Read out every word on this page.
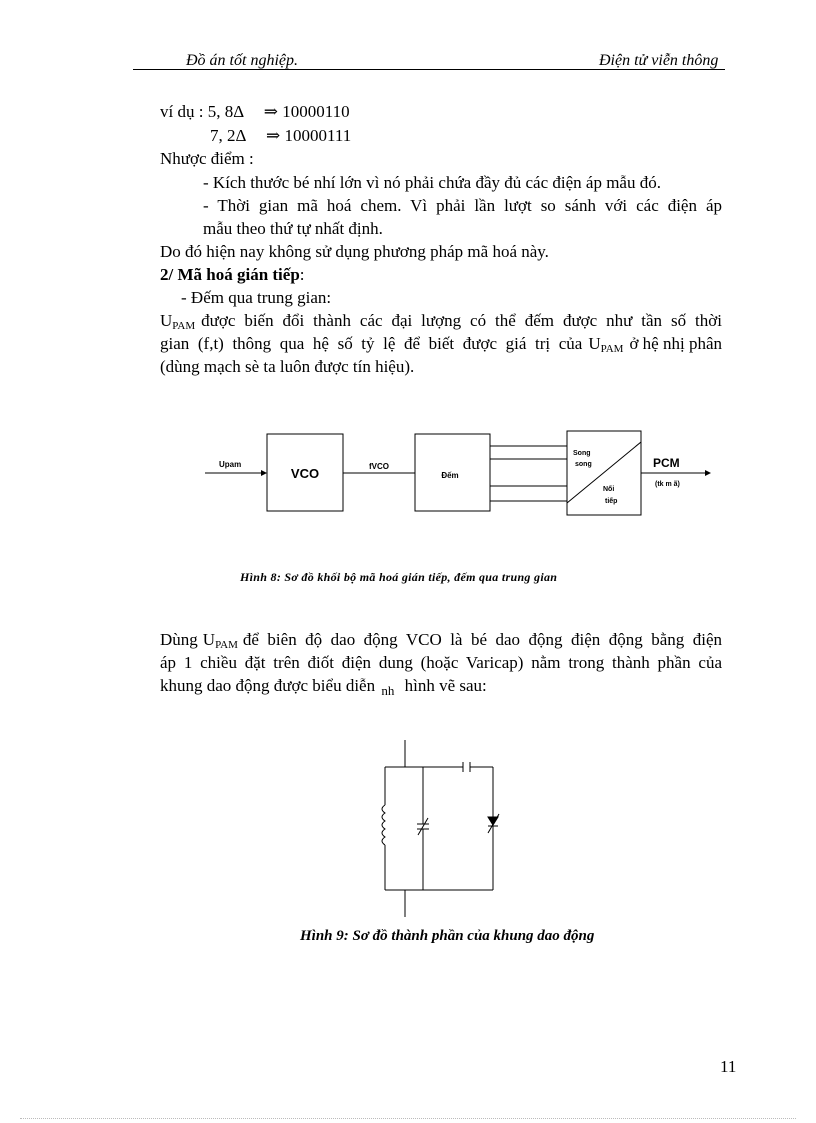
Đồ án tốt nghiệp.	Điện tử viễn thông
ví dụ : 5, 8Δ ⇒ 10000110
7, 2Δ ⇒ 10000111
Nhược điểm :
- Kích thước bé nhí lớn vì nó phải chứa đầy đủ các điện áp mẫu đó.
- Thời gian mã hoá chem. Vì phải lần lượt so sánh với các điện áp
mẫu theo thứ tự nhất định.
Do đó hiện nay không sử dụng phương pháp mã hoá này.
2/ Mã hoá gián tiếp:
- Đếm qua trung gian:
$U_{PAM}$ được biến đổi thành các đại lượng có thể đếm được như tần số thời
gian (f,t) thông qua hệ số tỷ lệ để biết được giá trị của $U_{PAM}$ ở hệ nhị phân
(dùng mạch sè ta luôn được tín hiệu).
Upam
VCO	fVCO
Đếm
Song
song
Nối
tiếp
PCM
(tk m ã)
Hình 8: Sơ đồ khối bộ mã hoá gián tiếp, đếm qua trung gian
Dùng $U_{PAM}$ để biên độ dao động VCO là bé dao động điện động bằng điện
áp 1 chiều đặt trên điốt điện dung (hoặc Varicap) nằm trong thành phần của
khung dao động được biểu diễn $_{nh}$ hình vẽ sau:
Hình 9: Sơ đồ thành phần của khung dao động
11
